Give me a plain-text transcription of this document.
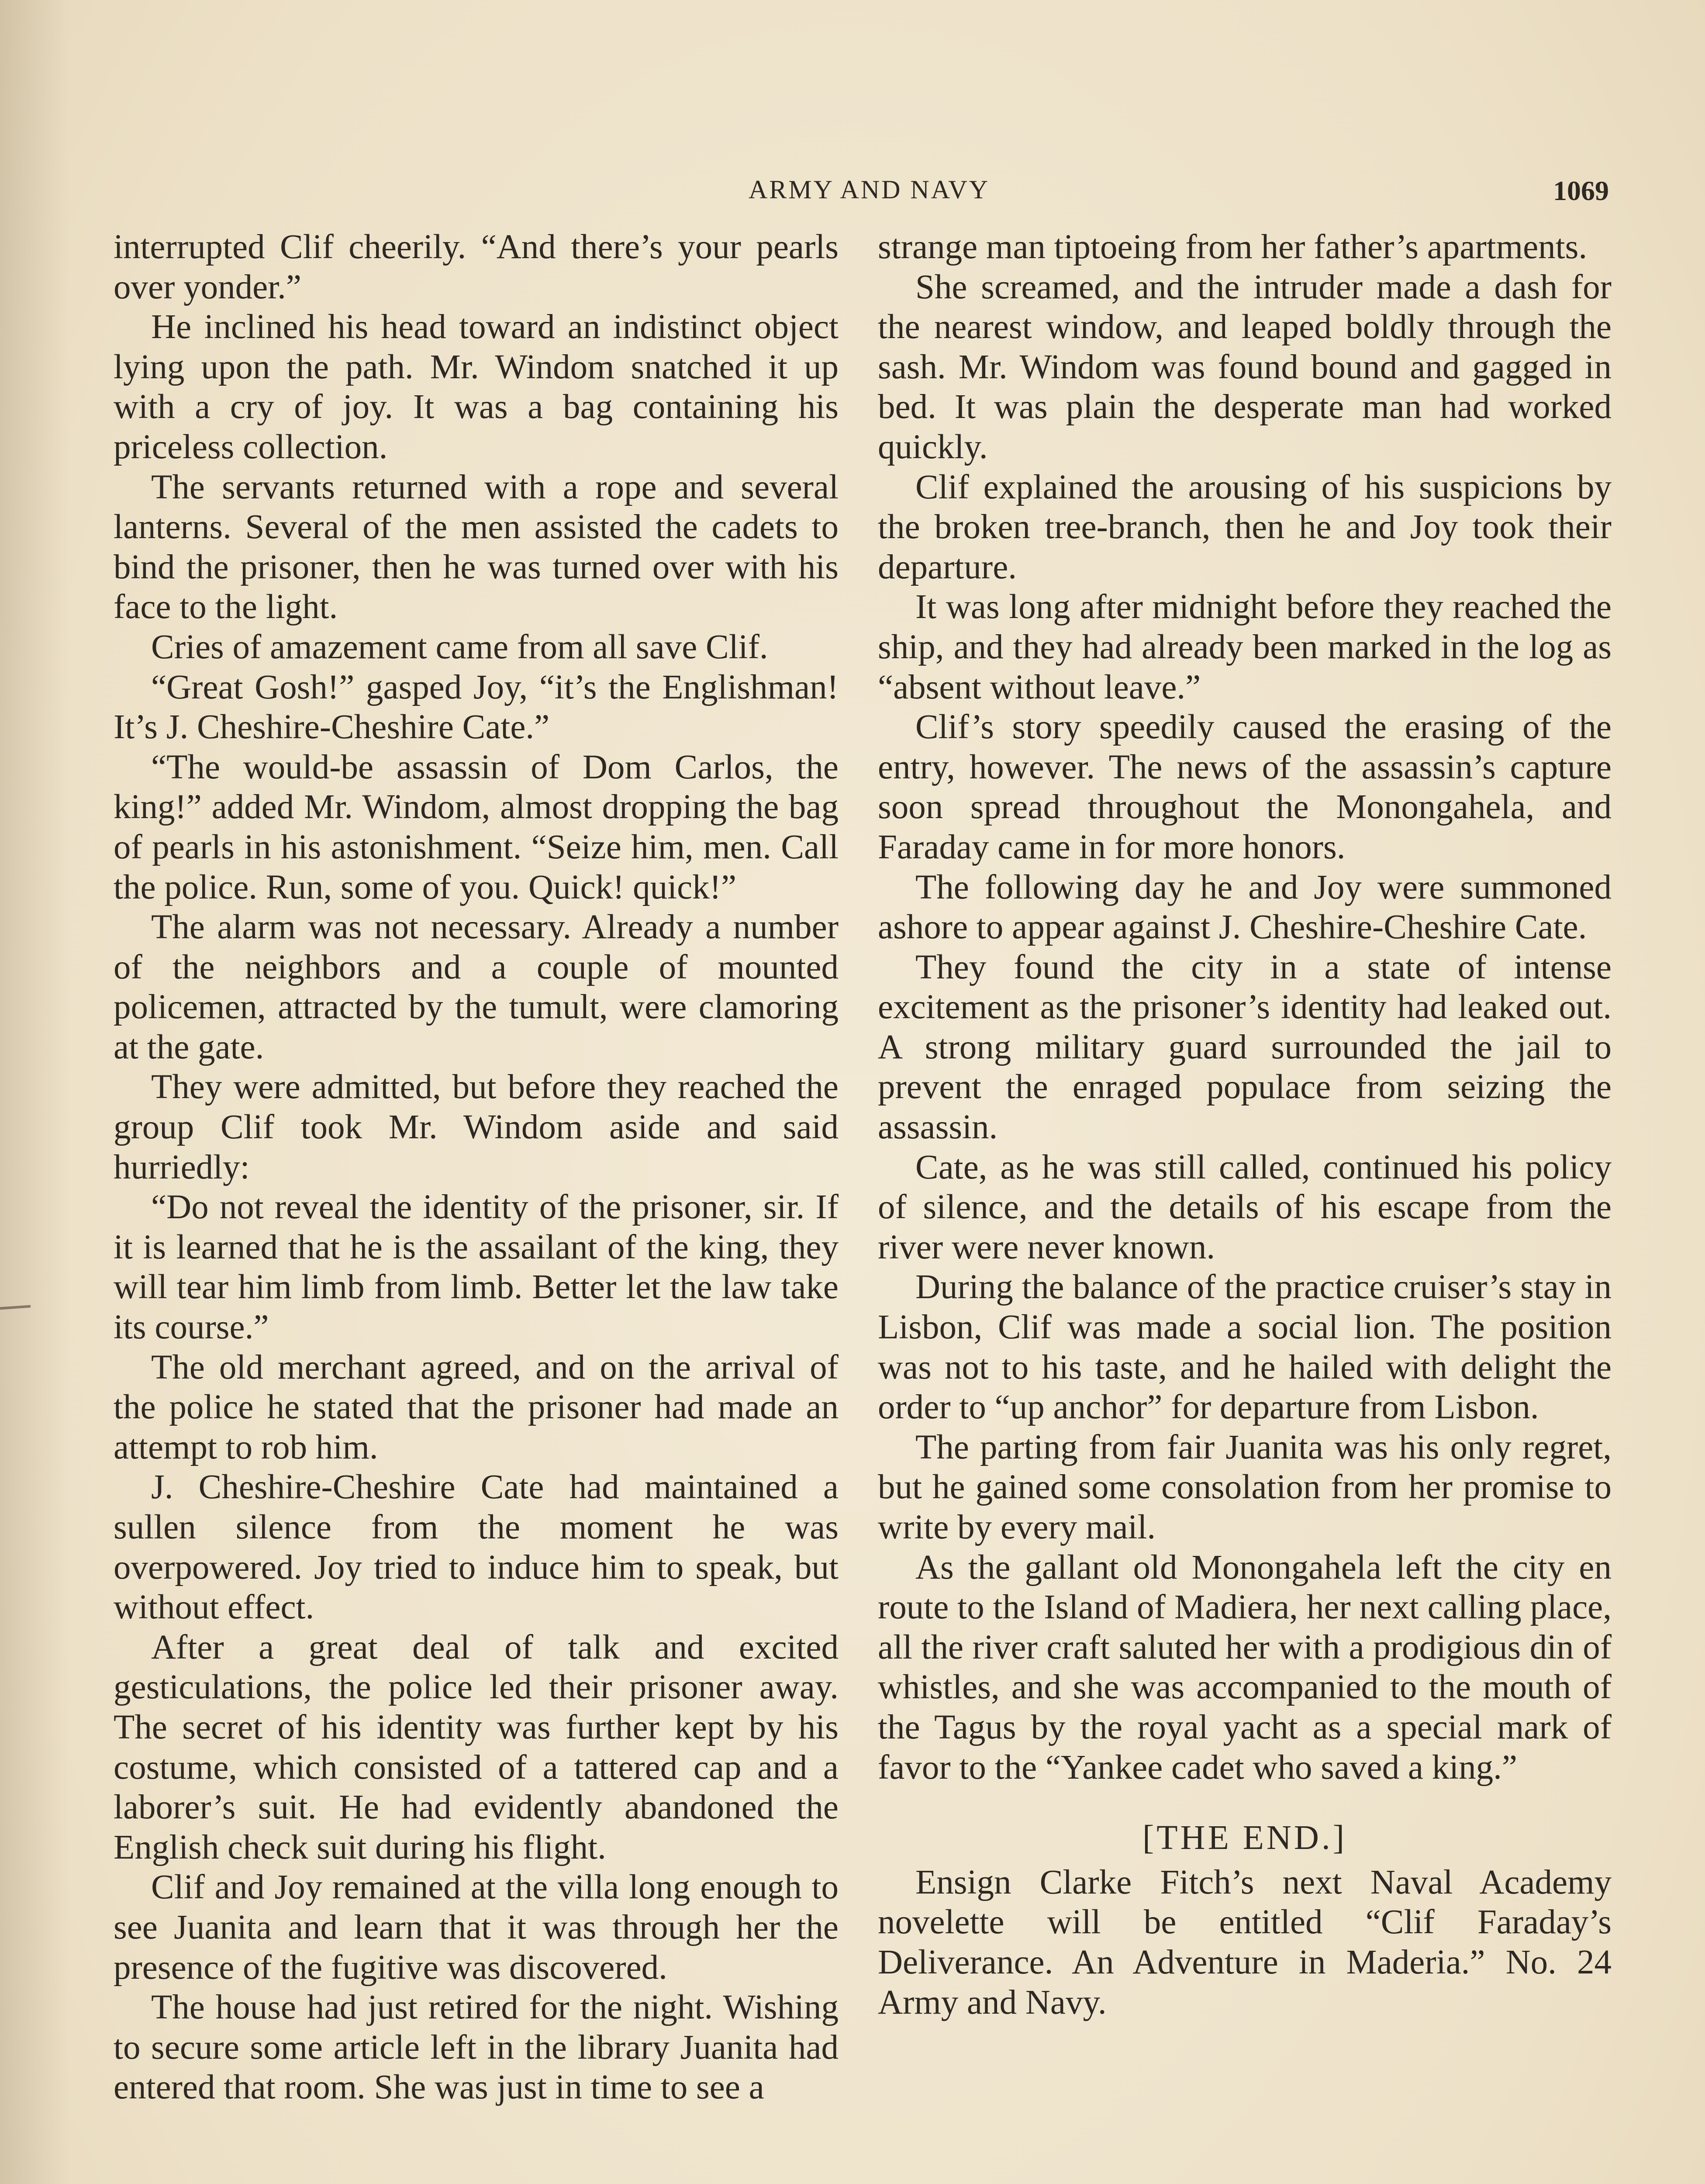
ARMY AND NAVY	1069

interrupted Clif cheerily. “And there’s your pearls over yonder.”

He inclined his head toward an indistinct object lying upon the path. Mr. Windom snatched it up with a cry of joy. It was a bag containing his priceless collection.

The servants returned with a rope and several lanterns. Several of the men assisted the cadets to bind the prisoner, then he was turned over with his face to the light.

Cries of amazement came from all save Clif.

“Great Gosh!” gasped Joy, “it’s the Englishman! It’s J. Cheshire-Cheshire Cate.”

“The would-be assassin of Dom Carlos, the king!” added Mr. Windom, almost dropping the bag of pearls in his astonishment. “Seize him, men. Call the police. Run, some of you. Quick! quick!”

The alarm was not necessary. Already a number of the neighbors and a couple of mounted policemen, attracted by the tumult, were clamoring at the gate.

They were admitted, but before they reached the group Clif took Mr. Windom aside and said hurriedly:

“Do not reveal the identity of the prisoner, sir. If it is learned that he is the assailant of the king, they will tear him limb from limb. Better let the law take its course.”

The old merchant agreed, and on the arrival of the police he stated that the prisoner had made an attempt to rob him.

J. Cheshire-Cheshire Cate had maintained a sullen silence from the moment he was overpowered. Joy tried to induce him to speak, but without effect.

After a great deal of talk and excited gesticulations, the police led their prisoner away. The secret of his identity was further kept by his costume, which consisted of a tattered cap and a laborer’s suit. He had evidently abandoned the English check suit during his flight.

Clif and Joy remained at the villa long enough to see Juanita and learn that it was through her the presence of the fugitive was discovered.

The house had just retired for the night. Wishing to secure some article left in the library Juanita had entered that room. She was just in time to see a

strange man tiptoeing from her father’s apartments.

She screamed, and the intruder made a dash for the nearest window, and leaped boldly through the sash. Mr. Windom was found bound and gagged in bed. It was plain the desperate man had worked quickly.

Clif explained the arousing of his suspicions by the broken tree-branch, then he and Joy took their departure.

It was long after midnight before they reached the ship, and they had already been marked in the log as “absent without leave.”

Clif’s story speedily caused the erasing of the entry, however. The news of the assassin’s capture soon spread throughout the Monongahela, and Faraday came in for more honors.

The following day he and Joy were summoned ashore to appear against J. Cheshire-Cheshire Cate.

They found the city in a state of intense excitement as the prisoner’s identity had leaked out. A strong military guard surrounded the jail to prevent the enraged populace from seizing the assassin.

Cate, as he was still called, continued his policy of silence, and the details of his escape from the river were never known.

During the balance of the practice cruiser’s stay in Lisbon, Clif was made a social lion. The position was not to his taste, and he hailed with delight the order to “up anchor” for departure from Lisbon.

The parting from fair Juanita was his only regret, but he gained some consolation from her promise to write by every mail.

As the gallant old Monongahela left the city en route to the Island of Madiera, her next calling place, all the river craft saluted her with a prodigious din of whistles, and she was accompanied to the mouth of the Tagus by the royal yacht as a special mark of favor to the “Yankee cadet who saved a king.”

[THE END.]

Ensign Clarke Fitch’s next Naval Academy novelette will be entitled “Clif Faraday’s Deliverance. An Adventure in Maderia.” No. 24 Army and Navy.
